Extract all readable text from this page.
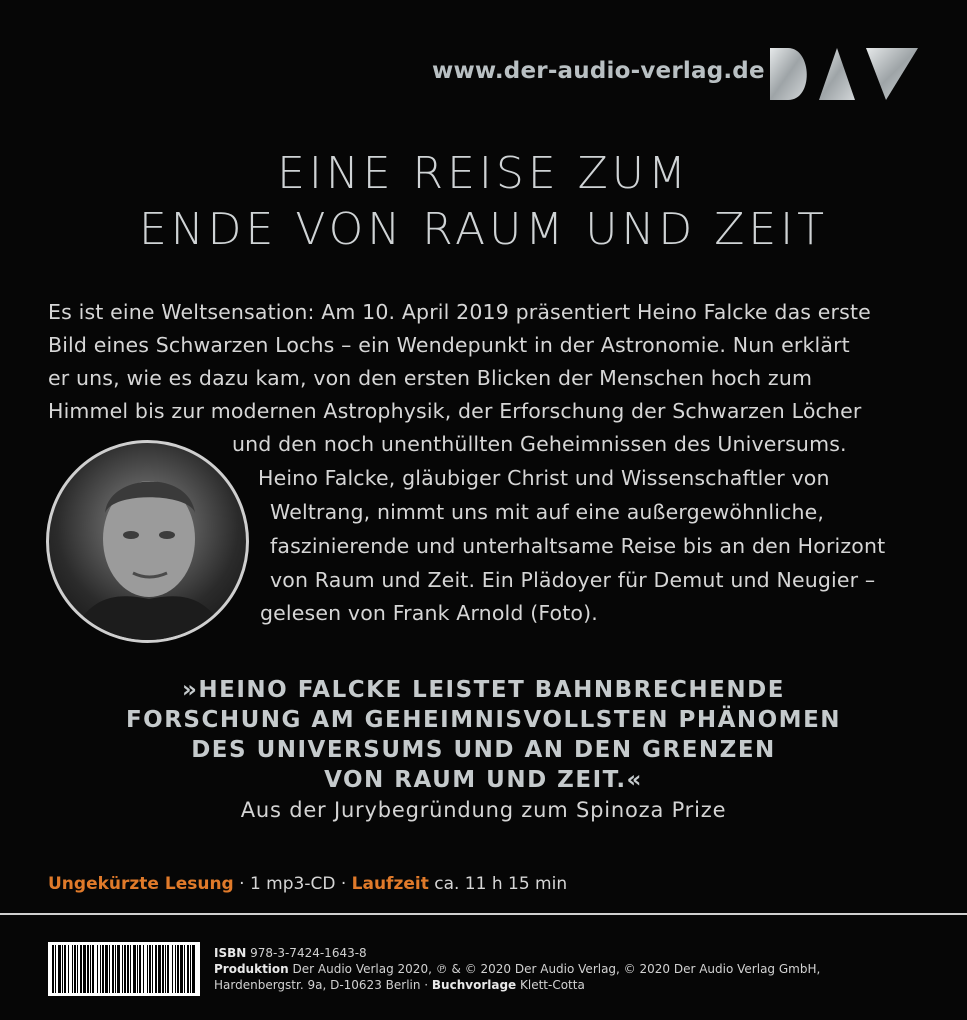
www.der-audio-verlag.de
EINE REISE ZUM
ENDE VON RAUM UND ZEIT
Es ist eine Weltsensation: Am 10. April 2019 präsentiert Heino Falcke das erste
Bild eines Schwarzen Lochs – ein Wendepunkt in der Astronomie. Nun erklärt
er uns, wie es dazu kam, von den ersten Blicken der Menschen hoch zum
Himmel bis zur modernen Astrophysik, der Erforschung der Schwarzen Löcher
und den noch unenthüllten Geheimnissen des Universums.
Heino Falcke, gläubiger Christ und Wissenschaftler von
Weltrang, nimmt uns mit auf eine außergewöhnliche,
faszinierende und unterhaltsame Reise bis an den Horizont
von Raum und Zeit. Ein Plädoyer für Demut und Neugier –
gelesen von Frank Arnold (Foto).
»HEINO FALCKE LEISTET BAHNBRECHENDE
FORSCHUNG AM GEHEIMNISVOLLSTEN PHÄNOMEN
DES UNIVERSUMS UND AN DEN GRENZEN
VON RAUM UND ZEIT.«
Aus der Jurybegründung zum Spinoza Prize
Ungekürzte Lesung · 1 mp3-CD · Laufzeit ca. 11 h 15 min
ISBN 978-3-7424-1643-8
Produktion Der Audio Verlag 2020, ℗ & © 2020 Der Audio Verlag, © 2020 Der Audio Verlag GmbH,
Hardenbergstr. 9a, D-10623 Berlin · Buchvorlage Klett-Cotta
